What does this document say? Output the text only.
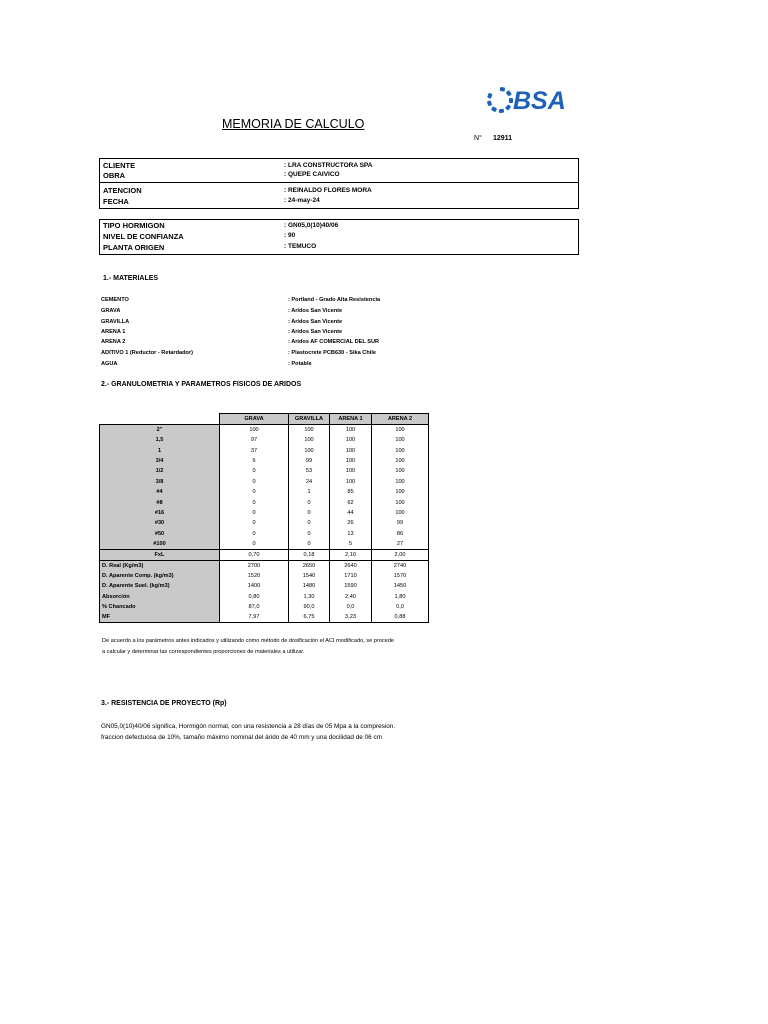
BSA
MEMORIA DE CALCULO
N° 12911
CLIENTE	: LRA CONSTRUCTORA SPA
OBRA	: QUEPE CAIVICO
ATENCION	: REINALDO FLORES MORA
FECHA	: 24-may-24
TIPO HORMIGON	: GN05,0(10)40/06
NIVEL DE CONFIANZA	: 90
PLANTA ORIGEN	: TEMUCO
1.- MATERIALES
CEMENTO	: Portland - Grado Alta Resistencia
GRAVA	: Aridos San Vicente
GRAVILLA	: Aridos San Vicente
ARENA 1	: Aridos San Vicente
ARENA 2	: Aridos AF COMERCIAL DEL SUR
ADITIVO 1 (Reductor - Retardador)	: Plastocrete PCB630 - Sika Chile
AGUA	: Potable
2.- GRANULOMETRIA Y PARAMETROS FISICOS DE ARIDOS
	GRAVA	GRAVILLA	ARENA 1	ARENA 2
2"	100	100	100	100
1,5	97	100	100	100
1	37	100	100	100
3/4	6	99	100	100
1/2	0	53	100	100
3/8	0	24	100	100
#4	0	1	85	100
#8	0	0	62	100
#16	0	0	44	100
#30	0	0	26	99
#50	0	0	13	86
#100	0	0	5	27
FxL	0,70	0,18	2,10	2,00
D. Real (Kg/m3)	2700	2650	2640	2740
D. Aparente Comp. (kg/m3)	1520	1540	1710	1570
D. Aparente Suel. (kg/m3)	1400	1480	1590	1450
Absorción	0,80	1,30	2,40	1,80
% Chancado	87,0	90,0	0,0	0,0
MF	7,97	6,75	3,23	0,88
De acuerdo a los parámetros antes indicados y utilizando como método de dosificación el ACI modificado, se procede
a calcular y determinar las correspondientes proporciones de materiales a utilizar.
3.- RESISTENCIA DE PROYECTO (Rp)
GN05,0(10)40/06 significa, Hormigón normal, con una resistencia a 28 días de 05 Mpa a la compresion.
fraccion defectuosa de 10%, tamaño máximo nominal del árido de 40 mm y una docilidad de 06 cm
